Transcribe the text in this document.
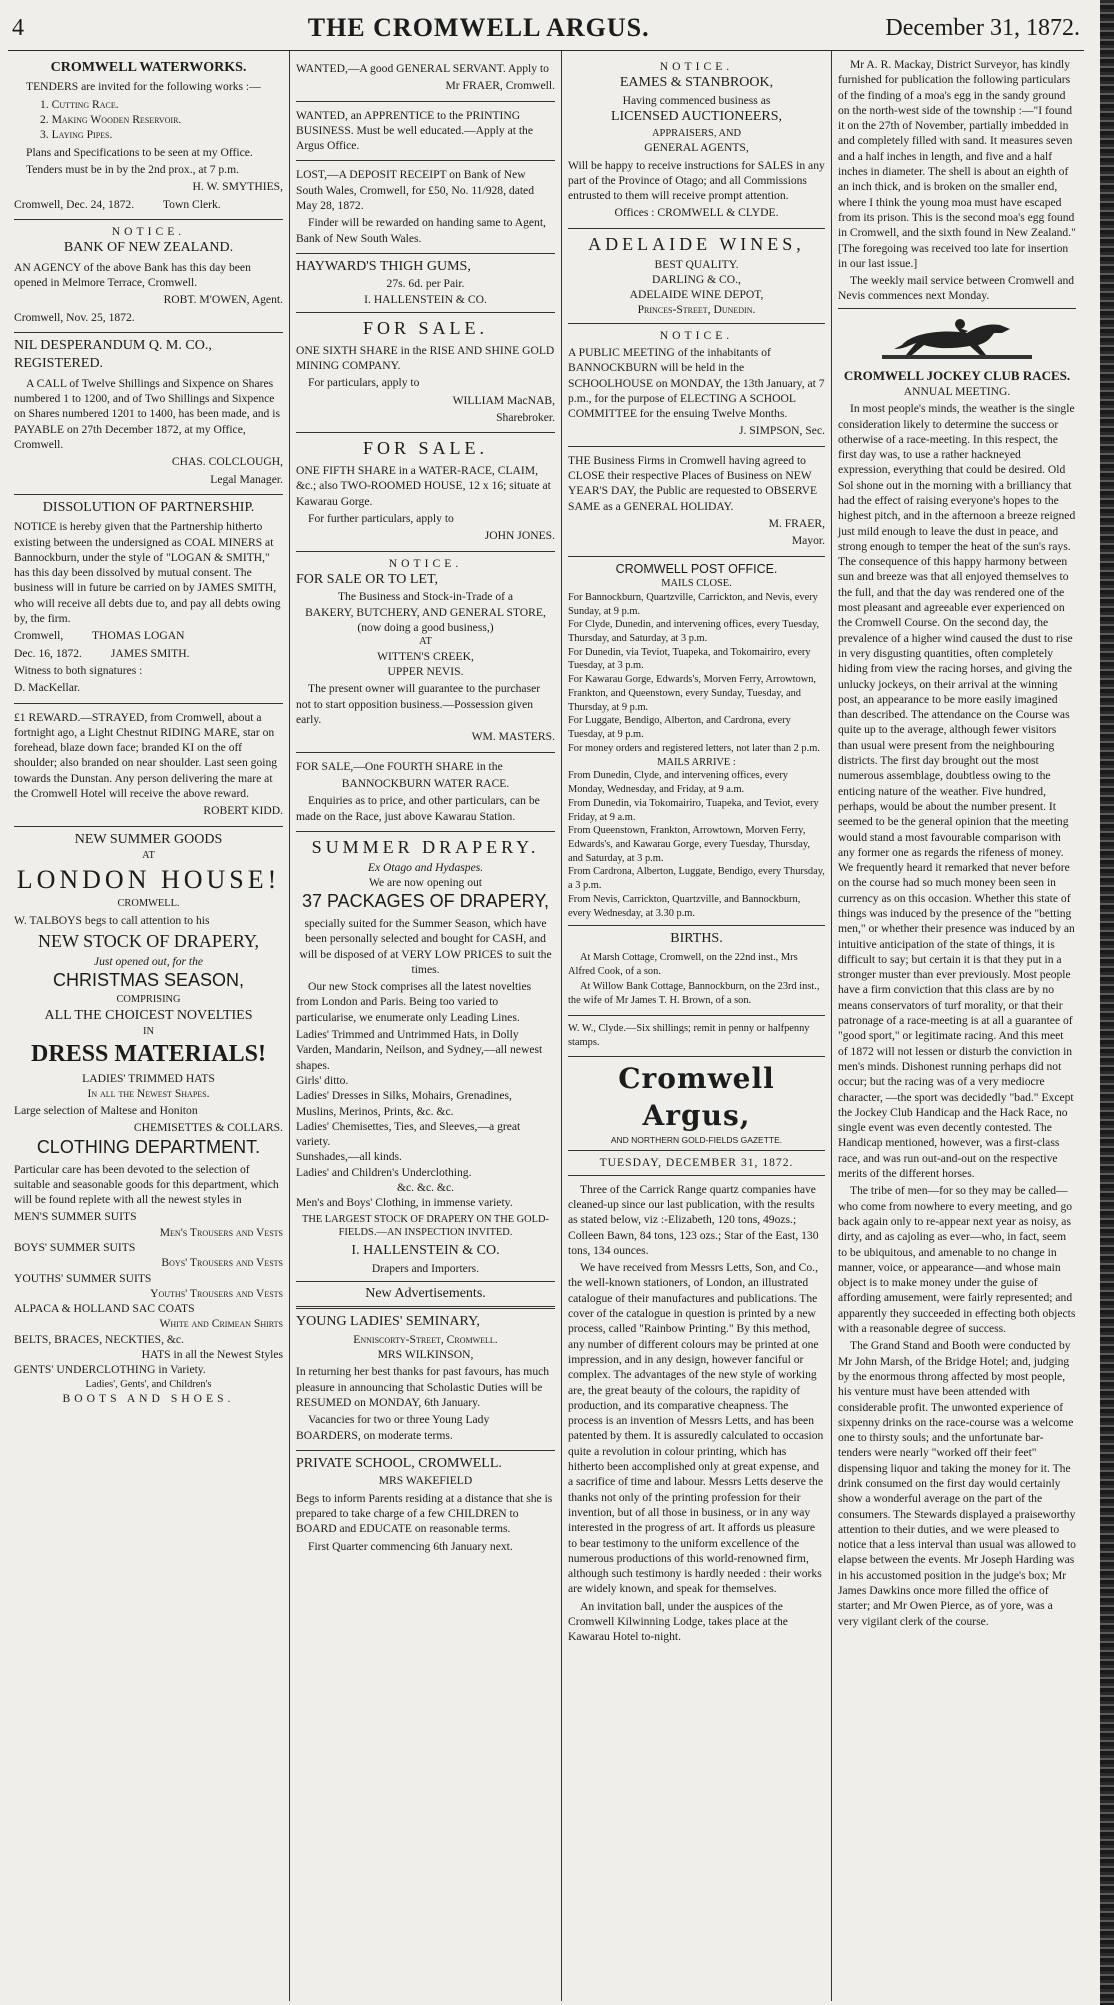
4	THE CROMWELL ARGUS.	December 31, 1872.
CROMWELL WATERWORKS.

TENDERS are invited for the following works :—

1. Cutting Race.
2. Making Wooden Reservoir.
3. Laying Pipes.

Plans and Specifications to be seen at my Office.

Tenders must be in by the 2nd prox., at 7 p.m.

H. W. SMYTHIES,

Cromwell, Dec. 24, 1872.          Town Clerk.

NOTICE.
BANK OF NEW ZEALAND.

AN AGENCY of the above Bank has this day been opened in Melmore Terrace, Cromwell.

ROBT. M'OWEN, Agent.

Cromwell, Nov. 25, 1872.

NIL DESPERANDUM Q. M. CO., REGISTERED.

A CALL of Twelve Shillings and Sixpence on Shares numbered 1 to 1200, and of Two Shillings and Sixpence on Shares numbered 1201 to 1400, has been made, and is PAYABLE on 27th December 1872, at my Office, Cromwell.

CHAS. COLCLOUGH,

Legal Manager.

DISSOLUTION OF PARTNERSHIP.

NOTICE is hereby given that the Partnership hitherto existing between the undersigned as COAL MINERS at Bannockburn, under the style of "LOGAN & SMITH," has this day been dissolved by mutual consent. The business will in future be carried on by JAMES SMITH, who will receive all debts due to, and pay all debts owing by, the firm.

Cromwell,          THOMAS LOGAN

Dec. 16, 1872.          JAMES SMITH.

Witness to both signatures :

D. MacKellar.

£1 REWARD.—STRAYED, from Cromwell, about a fortnight ago, a Light Chestnut RIDING MARE, star on forehead, blaze down face; branded KI on the off shoulder; also branded on near shoulder. Last seen going towards the Dunstan. Any person delivering the mare at the Cromwell Hotel will receive the above reward.

ROBERT KIDD.

NEW SUMMER GOODS
AT
LONDON HOUSE!
CROMWELL.

W. TALBOYS begs to call attention to his

NEW STOCK OF DRAPERY,
Just opened out, for the
CHRISTMAS SEASON,
COMPRISING
ALL THE CHOICEST NOVELTIES
IN
DRESS MATERIALS!
LADIES' TRIMMED HATS
In all the Newest Shapes.

Large selection of Maltese and Honiton

CHEMISETTES & COLLARS.
CLOTHING DEPARTMENT.

Particular care has been devoted to the selection of suitable and seasonable goods for this department, which will be found replete with all the newest styles in

MEN'S SUMMER SUITS
Men's Trousers and Vests
BOYS' SUMMER SUITS
Boys' Trousers and Vests
YOUTHS' SUMMER SUITS
Youths' Trousers and Vests
ALPACA & HOLLAND SAC COATS
White and Crimean Shirts
BELTS, BRACES, NECKTIES, &c.
HATS in all the Newest Styles
GENTS' UNDERCLOTHING in Variety.
Ladies', Gents', and Children's
BOOTS AND SHOES.

WANTED,—A good GENERAL SERVANT. Apply to

Mr FRAER, Cromwell.

WANTED, an APPRENTICE to the PRINTING BUSINESS. Must be well educated.—Apply at the Argus Office.

LOST,—A DEPOSIT RECEIPT on Bank of New South Wales, Cromwell, for £50, No. 11/928, dated May 28, 1872.

Finder will be rewarded on handing same to Agent, Bank of New South Wales.

HAYWARD'S THIGH GUMS,
27s. 6d. per Pair.
I. HALLENSTEIN & CO.
FOR SALE.

ONE SIXTH SHARE in the RISE AND SHINE GOLD MINING COMPANY.

For particulars, apply to

WILLIAM MacNAB,

Sharebroker.

FOR SALE.

ONE FIFTH SHARE in a WATER-RACE, CLAIM, &c.; also TWO-ROOMED HOUSE, 12 x 16; situate at Kawarau Gorge.

For further particulars, apply to

JOHN JONES.

NOTICE.
FOR SALE OR TO LET,
The Business and Stock-in-Trade of a
BAKERY, BUTCHERY, AND GENERAL STORE, (now doing a good business,)
AT
WITTEN'S CREEK,
UPPER NEVIS.

The present owner will guarantee to the purchaser not to start opposition business.—Possession given early.

WM. MASTERS.

FOR SALE,—One FOURTH SHARE in the

BANNOCKBURN WATER RACE.

Enquiries as to price, and other particulars, can be made on the Race, just above Kawarau Station.

SUMMER DRAPERY.
Ex Otago and Hydaspes.
We are now opening out
37 PACKAGES OF DRAPERY,

specially suited for the Summer Season, which have been personally selected and bought for CASH, and will be disposed of at VERY LOW PRICES to suit the times.

Our new Stock comprises all the latest novelties from London and Paris. Being too varied to particularise, we enumerate only Leading Lines.

Ladies' Trimmed and Untrimmed Hats, in Dolly Varden, Mandarin, Neilson, and Sydney,—all newest shapes.
Girls' ditto.
Ladies' Dresses in Silks, Mohairs, Grenadines, Muslins, Merinos, Prints, &c. &c.
Ladies' Chemisettes, Ties, and Sleeves,—a great variety.
Sunshades,—all kinds.
Ladies' and Children's Underclothing.
&c. &c. &c.
Men's and Boys' Clothing, in immense variety.

THE LARGEST STOCK OF DRAPERY ON THE GOLD-FIELDS.—AN INSPECTION INVITED.

I. HALLENSTEIN & CO.
Drapers and Importers.
New Advertisements.
YOUNG LADIES' SEMINARY,
Enniscorty-Street, Cromwell.
MRS WILKINSON,

In returning her best thanks for past favours, has much pleasure in announcing that Scholastic Duties will be RESUMED on MONDAY, 6th January.

Vacancies for two or three Young Lady BOARDERS, on moderate terms.

PRIVATE SCHOOL, CROMWELL.
MRS WAKEFIELD

Begs to inform Parents residing at a distance that she is prepared to take charge of a few CHILDREN to BOARD and EDUCATE on reasonable terms.

First Quarter commencing 6th January next.

NOTICE.
EAMES & STANBROOK,
Having commenced business as
LICENSED AUCTIONEERS,
APPRAISERS, AND
GENERAL AGENTS,

Will be happy to receive instructions for SALES in any part of the Province of Otago; and all Commissions entrusted to them will receive prompt attention.

Offices : CROMWELL & CLYDE.

ADELAIDE WINES,
BEST QUALITY.
DARLING & CO.,
ADELAIDE WINE DEPOT,
Princes-Street, Dunedin.
NOTICE.

A PUBLIC MEETING of the inhabitants of BANNOCKBURN will be held in the SCHOOLHOUSE on MONDAY, the 13th January, at 7 p.m., for the purpose of ELECTING A SCHOOL COMMITTEE for the ensuing Twelve Months.

J. SIMPSON, Sec.

THE Business Firms in Cromwell having agreed to CLOSE their respective Places of Business on NEW YEAR'S DAY, the Public are requested to OBSERVE SAME as a GENERAL HOLIDAY.

M. FRAER,

Mayor.

CROMWELL POST OFFICE.
MAILS CLOSE.
For Bannockburn, Quartzville, Carrickton, and Nevis, every Sunday, at 9 p.m.
For Clyde, Dunedin, and intervening offices, every Tuesday, Thursday, and Saturday, at 3 p.m.
For Dunedin, via Teviot, Tuapeka, and Tokomairiro, every Tuesday, at 3 p.m.
For Kawarau Gorge, Edwards's, Morven Ferry, Arrowtown, Frankton, and Queenstown, every Sunday, Tuesday, and Thursday, at 9 p.m.
For Luggate, Bendigo, Alberton, and Cardrona, every Tuesday, at 9 p.m.
For money orders and registered letters, not later than 2 p.m.
MAILS ARRIVE :
From Dunedin, Clyde, and intervening offices, every Monday, Wednesday, and Friday, at 9 a.m.
From Dunedin, via Tokomairiro, Tuapeka, and Teviot, every Friday, at 9 a.m.
From Queenstown, Frankton, Arrowtown, Morven Ferry, Edwards's, and Kawarau Gorge, every Tuesday, Thursday, and Saturday, at 3 p.m.
From Cardrona, Alberton, Luggate, Bendigo, every Thursday, a 3 p.m.
From Nevis, Carrickton, Quartzville, and Bannockburn, every Wednesday, at 3.30 p.m.
BIRTHS.

At Marsh Cottage, Cromwell, on the 22nd inst., Mrs Alfred Cook, of a son.

At Willow Bank Cottage, Bannockburn, on the 23rd inst., the wife of Mr James T. H. Brown, of a son.

W. W., Clyde.—Six shillings; remit in penny or halfpenny stamps.

Cromwell Argus,
AND NORTHERN GOLD-FIELDS GAZETTE.
TUESDAY, DECEMBER 31, 1872.

Three of the Carrick Range quartz companies have cleaned-up since our last publication, with the results as stated below, viz :-Elizabeth, 120 tons, 49ozs.; Colleen Bawn, 84 tons, 123 ozs.; Star of the East, 130 tons, 134 ounces.

We have received from Messrs Letts, Son, and Co., the well-known stationers, of London, an illustrated catalogue of their manufactures and publications. The cover of the catalogue in question is printed by a new process, called "Rainbow Printing." By this method, any number of different colours may be printed at one impression, and in any design, however fanciful or complex. The advantages of the new style of working are, the great beauty of the colours, the rapidity of production, and its comparative cheapness. The process is an invention of Messrs Letts, and has been patented by them. It is assuredly calculated to occasion quite a revolution in colour printing, which has hitherto been accomplished only at great expense, and a sacrifice of time and labour. Messrs Letts deserve the thanks not only of the printing profession for their invention, but of all those in business, or in any way interested in the progress of art. It affords us pleasure to bear testimony to the uniform excellence of the numerous productions of this world-renowned firm, although such testimony is hardly needed : their works are widely known, and speak for themselves.

An invitation ball, under the auspices of the Cromwell Kilwinning Lodge, takes place at the Kawarau Hotel to-night.

Mr A. R. Mackay, District Surveyor, has kindly furnished for publication the following particulars of the finding of a moa's egg in the sandy ground on the north-west side of the township :—"I found it on the 27th of November, partially imbedded in and completely filled with sand. It measures seven and a half inches in length, and five and a half inches in diameter. The shell is about an eighth of an inch thick, and is broken on the smaller end, where I think the young moa must have escaped from its prison. This is the second moa's egg found in Cromwell, and the sixth found in New Zealand." [The foregoing was received too late for insertion in our last issue.]

The weekly mail service between Cromwell and Nevis commences next Monday.

CROMWELL JOCKEY CLUB RACES.
ANNUAL MEETING.

In most people's minds, the weather is the single consideration likely to determine the success or otherwise of a race-meeting. In this respect, the first day was, to use a rather hackneyed expression, everything that could be desired. Old Sol shone out in the morning with a brilliancy that had the effect of raising everyone's hopes to the highest pitch, and in the afternoon a breeze reigned just mild enough to leave the dust in peace, and strong enough to temper the heat of the sun's rays. The consequence of this happy harmony between sun and breeze was that all enjoyed themselves to the full, and that the day was rendered one of the most pleasant and agreeable ever experienced on the Cromwell Course. On the second day, the prevalence of a higher wind caused the dust to rise in very disgusting quantities, often completely hiding from view the racing horses, and giving the unlucky jockeys, on their arrival at the winning post, an appearance to be more easily imagined than described. The attendance on the Course was quite up to the average, although fewer visitors than usual were present from the neighbouring districts. The first day brought out the most numerous assemblage, doubtless owing to the enticing nature of the weather. Five hundred, perhaps, would be about the number present. It seemed to be the general opinion that the meeting would stand a most favourable comparison with any former one as regards the rifeness of money. We frequently heard it remarked that never before on the course had so much money been seen in currency as on this occasion. Whether this state of things was induced by the presence of the "betting men," or whether their presence was induced by an intuitive anticipation of the state of things, it is difficult to say; but certain it is that they put in a stronger muster than ever previously. Most people have a firm conviction that this class are by no means conservators of turf morality, or that their patronage of a race-meeting is at all a guarantee of "good sport," or legitimate racing. And this meet of 1872 will not lessen or disturb the conviction in men's minds. Dishonest running perhaps did not occur; but the racing was of a very mediocre character, —the sport was decidedly "bad." Except the Jockey Club Handicap and the Hack Race, no single event was even decently contested. The Handicap mentioned, however, was a first-class race, and was run out-and-out on the respective merits of the different horses.

The tribe of men—for so they may be called—who come from nowhere to every meeting, and go back again only to re-appear next year as noisy, as dirty, and as cajoling as ever—who, in fact, seem to be ubiquitous, and amenable to no change in manner, voice, or appearance—and whose main object is to make money under the guise of affording amusement, were fairly represented; and apparently they succeeded in effecting both objects with a reasonable degree of success.

The Grand Stand and Booth were conducted by Mr John Marsh, of the Bridge Hotel; and, judging by the enormous throng affected by most people, his venture must have been attended with considerable profit. The unwonted experience of sixpenny drinks on the race-course was a welcome one to thirsty souls; and the unfortunate bar-tenders were nearly "worked off their feet" dispensing liquor and taking the money for it. The drink consumed on the first day would certainly show a wonderful average on the part of the consumers. The Stewards displayed a praiseworthy attention to their duties, and we were pleased to notice that a less interval than usual was allowed to elapse between the events. Mr Joseph Harding was in his accustomed position in the judge's box; Mr James Dawkins once more filled the office of starter; and Mr Owen Pierce, as of yore, was a very vigilant clerk of the course.
